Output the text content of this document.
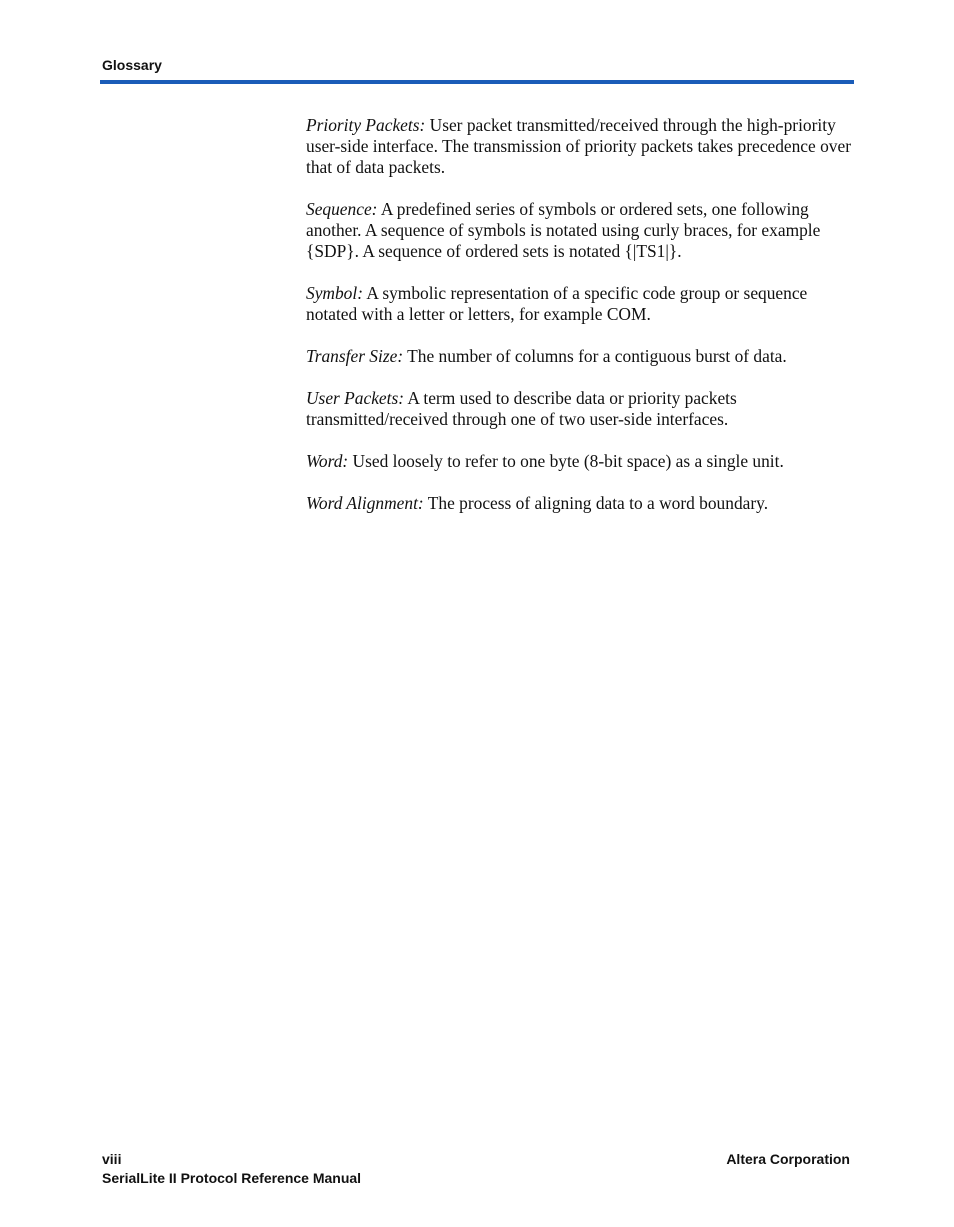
Glossary

Priority Packets: User packet transmitted/received through the high-priority user-side interface. The transmission of priority packets takes precedence over that of data packets.

Sequence: A predefined series of symbols or ordered sets, one following another. A sequence of symbols is notated using curly braces, for example {SDP}. A sequence of ordered sets is notated {|TS1|}.

Symbol: A symbolic representation of a specific code group or sequence notated with a letter or letters, for example COM.

Transfer Size: The number of columns for a contiguous burst of data.

User Packets: A term used to describe data or priority packets transmitted/received through one of two user-side interfaces.

Word: Used loosely to refer to one byte (8-bit space) as a single unit.

Word Alignment: The process of aligning data to a word boundary.

viii
SerialLite II Protocol Reference Manual
Altera Corporation
